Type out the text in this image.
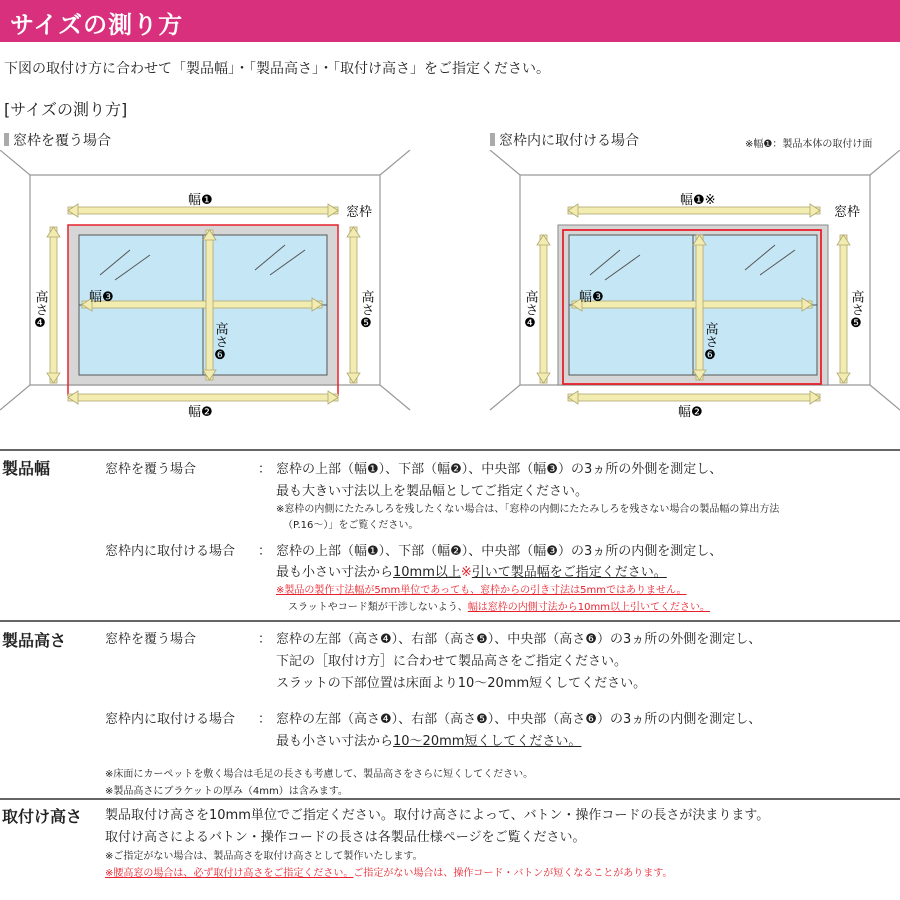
サイズの測り方
下図の取付け方に合わせて「製品幅」・「製品高さ」・「取付け高さ」をご指定ください。
[サイズの測り方]
窓枠を覆う場合	窓枠内に取付ける場合	※幅❶：製品本体の取付け面
幅❶
幅❷
幅❸
窓枠
高さ❹	高さ❺
高さ❻
幅❶※
幅❷
幅❸
窓枠
高さ❹	高さ❺
高さ❻
製品幅	窓枠を覆う場合	： 窓枠の上部（幅❶）、下部（幅❷）、中央部（幅❸）の3ヵ所の外側を測定し、
最も大きい寸法以上を製品幅としてご指定ください。
※窓枠の内側にたたみしろを残したくない場合は、「窓枠の内側にたたみしろを残さない場合の製品幅の算出方法
（P.16～）」をご覧ください。
窓枠内に取付ける場合 ： 窓枠の上部（幅❶）、下部（幅❷）、中央部（幅❸）の3ヵ所の内側を測定し、
最も小さい寸法から10mm以上※引いて製品幅をご指定ください。
※製品の製作寸法幅が5mm単位であっても、窓枠からの引き寸法は5mmではありません。
スラットやコード類が干渉しないよう、幅は窓枠の内側寸法から10mm以上引いてください。
製品高さ	窓枠を覆う場合	： 窓枠の左部（高さ❹）、右部（高さ❺）、中央部（高さ❻）の3ヵ所の外側を測定し、
下記の［取付け方］に合わせて製品高さをご指定ください。
スラットの下部位置は床面より10～20mm短くしてください。
窓枠内に取付ける場合 ： 窓枠の左部（高さ❹）、右部（高さ❺）、中央部（高さ❻）の3ヵ所の内側を測定し、
最も小さい寸法から10～20mm短くしてください。
※床面にカーペットを敷く場合は毛足の長さも考慮して、製品高さをさらに短くしてください。
※製品高さにブラケットの厚み（4mm）は含みます。
取付け高さ 製品取付け高さを10mm単位でご指定ください。取付け高さによって、バトン・操作コードの長さが決まります。
取付け高さによるバトン・操作コードの長さは各製品仕様ページをご覧ください。
※ご指定がない場合は、製品高さを取付け高さとして製作いたします。
※腰高窓の場合は、必ず取付け高さをご指定ください。ご指定がない場合は、操作コード・バトンが短くなることがあります。
